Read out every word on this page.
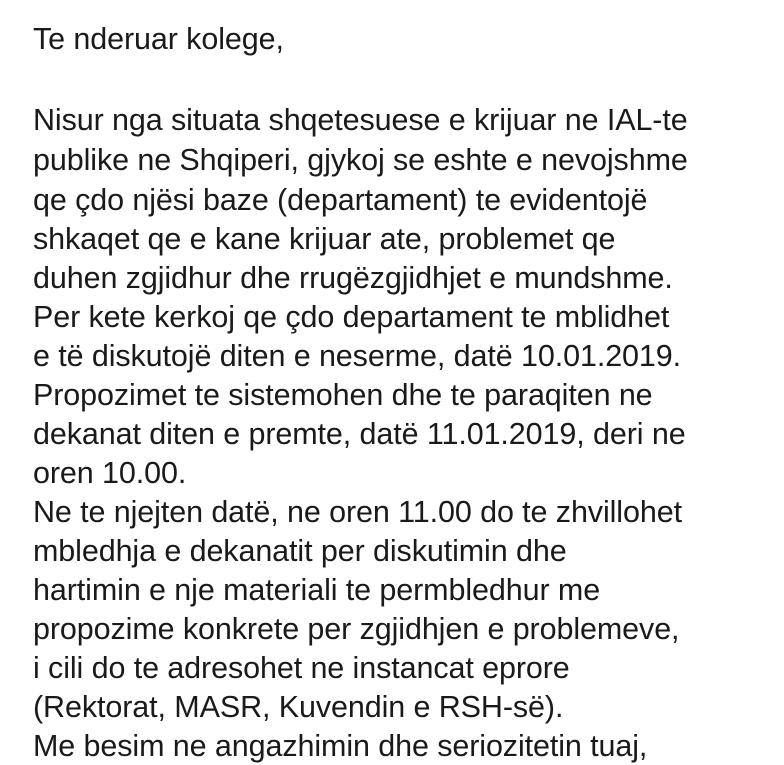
Te nderuar kolege,
Nisur nga situata shqetesuese e krijuar ne IAL-te
publike ne Shqiperi, gjykoj se eshte e nevojshme
qe çdo njësi baze (departament) te evidentojë
shkaqet qe e kane krijuar ate, problemet qe
duhen zgjidhur dhe rrugëzgjidhjet e mundshme.
Per kete kerkoj qe çdo departament te mblidhet
e të diskutojë diten e neserme, datë 10.01.2019.
Propozimet te sistemohen dhe te paraqiten ne
dekanat diten e premte, datë 11.01.2019, deri ne
oren 10.00.
Ne te njejten datë, ne oren 11.00 do te zhvillohet
mbledhja e dekanatit per diskutimin dhe
hartimin e nje materiali te permbledhur me
propozime konkrete per zgjidhjen e problemeve,
i cili do te adresohet ne instancat eprore
(Rektorat, MASR, Kuvendin e RSH-së).
Me besim ne angazhimin dhe seriozitetin tuaj,
